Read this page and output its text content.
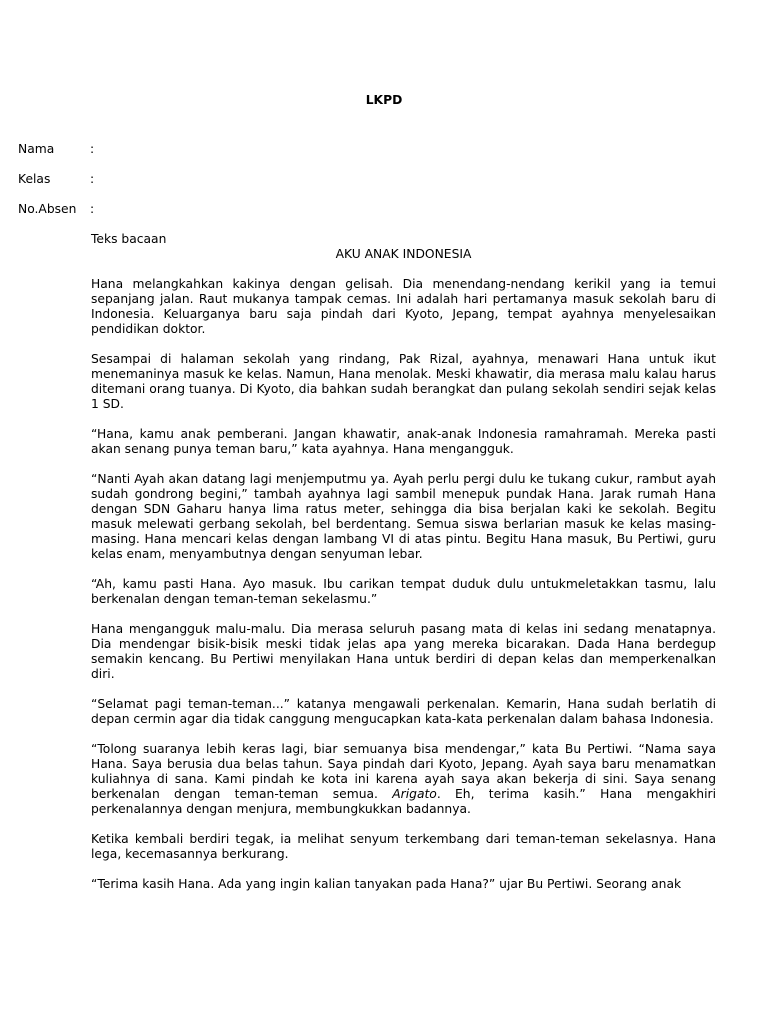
LKPD
Nama	:
Kelas	:
No.Absen :

Teks bacaan

AKU ANAK INDONESIA

Hana melangkahkan kakinya dengan gelisah. Dia menendang-nendang kerikil yang ia temui sepanjang jalan. Raut mukanya tampak cemas. Ini adalah hari pertamanya masuk sekolah baru di Indonesia. Keluarganya baru saja pindah dari Kyoto, Jepang, tempat ayahnya menyelesaikan pendidikan doktor.

Sesampai di halaman sekolah yang rindang, Pak Rizal, ayahnya, menawari Hana untuk ikut menemaninya masuk ke kelas. Namun, Hana menolak. Meski khawatir, dia merasa malu kalau harus ditemani orang tuanya. Di Kyoto, dia bahkan sudah berangkat dan pulang sekolah sendiri sejak kelas 1 SD.

“Hana, kamu anak pemberani. Jangan khawatir, anak-anak Indonesia ramahramah. Mereka pasti akan senang punya teman baru,” kata ayahnya. Hana mengangguk.

“Nanti Ayah akan datang lagi menjemputmu ya. Ayah perlu pergi dulu ke tukang cukur, rambut ayah sudah gondrong begini,” tambah ayahnya lagi sambil menepuk pundak Hana. Jarak rumah Hana dengan SDN Gaharu hanya lima ratus meter, sehingga dia bisa berjalan kaki ke sekolah. Begitu masuk melewati gerbang sekolah, bel berdentang. Semua siswa berlarian masuk ke kelas masing-masing. Hana mencari kelas dengan lambang VI di atas pintu. Begitu Hana masuk, Bu Pertiwi, guru kelas enam, menyambutnya dengan senyuman lebar.

“Ah, kamu pasti Hana. Ayo masuk. Ibu carikan tempat duduk dulu untukmeletakkan tasmu, lalu berkenalan dengan teman-teman sekelasmu.”

Hana mengangguk malu-malu. Dia merasa seluruh pasang mata di kelas ini sedang menatapnya. Dia mendengar bisik-bisik meski tidak jelas apa yang mereka bicarakan. Dada Hana berdegup semakin kencang. Bu Pertiwi menyilakan Hana untuk berdiri di depan kelas dan memperkenalkan diri.

“Selamat pagi teman-teman...” katanya mengawali perkenalan. Kemarin, Hana sudah berlatih di depan cermin agar dia tidak canggung mengucapkan kata-kata perkenalan dalam bahasa Indonesia.

“Tolong suaranya lebih keras lagi, biar semuanya bisa mendengar,” kata Bu Pertiwi. “Nama saya Hana. Saya berusia dua belas tahun. Saya pindah dari Kyoto, Jepang. Ayah saya baru menamatkan kuliahnya di sana. Kami pindah ke kota ini karena ayah saya akan bekerja di sini. Saya senang berkenalan dengan teman-teman semua. Arigato. Eh, terima kasih.” Hana mengakhiri perkenalannya dengan menjura, membungkukkan badannya.

Ketika kembali berdiri tegak, ia melihat senyum terkembang dari teman-teman sekelasnya. Hana lega, kecemasannya berkurang.

“Terima kasih Hana. Ada yang ingin kalian tanyakan pada Hana?” ujar Bu Pertiwi. Seorang anak
